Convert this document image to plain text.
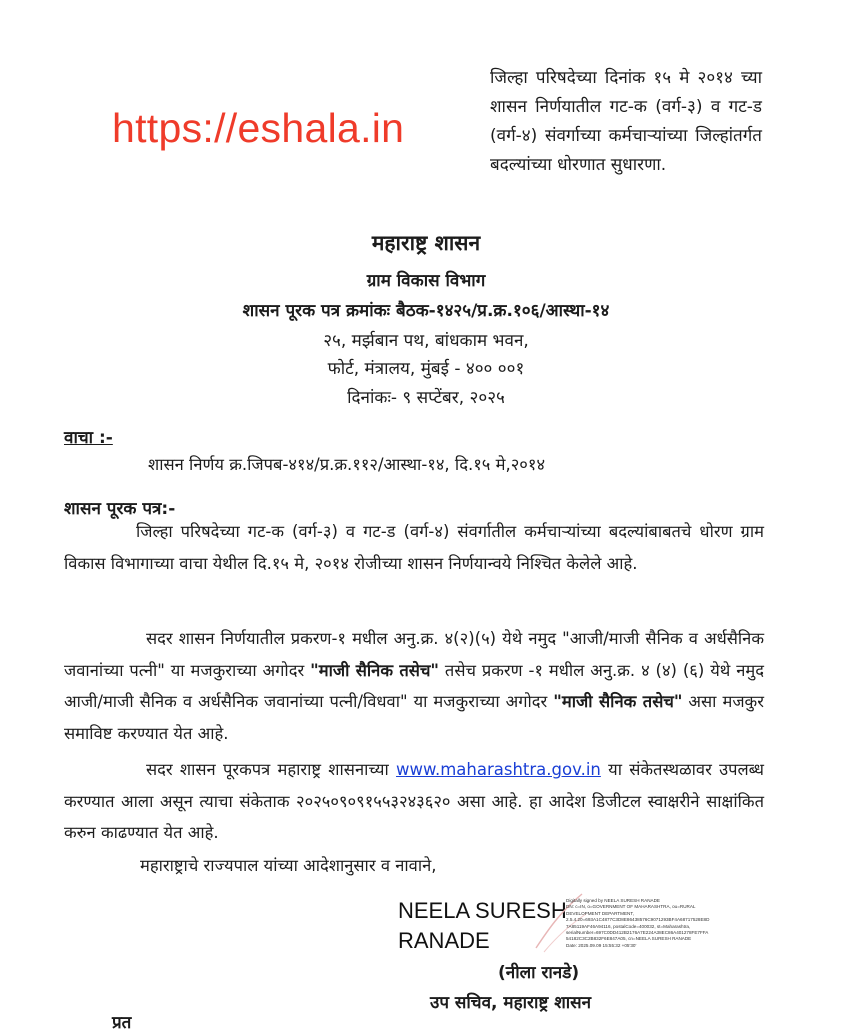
जिल्हा परिषदेच्या दिनांक १५ मे २०१४ च्या शासन निर्णयातील गट-क (वर्ग-३) व गट-ड (वर्ग-४) संवर्गाच्या कर्मचाऱ्यांच्या जिल्हांतर्गत बदल्यांच्या धोरणात सुधारणा.
https://eshala.in
महाराष्ट्र शासन
ग्राम विकास विभाग
शासन पूरक पत्र क्रमांकः बैठक-१४२५/प्र.क्र.१०६/आस्था-१४
२५, मर्झबान पथ, बांधकाम भवन,
फोर्ट, मंत्रालय, मुंबई - ४०० ००१
दिनांकः- ९ सप्टेंबर, २०२५
वाचा :-
शासन निर्णय क्र.जिपब-४१४/प्र.क्र.११२/आस्था-१४, दि.१५ मे,२०१४
शासन पूरक पत्र:-
जिल्हा परिषदेच्या गट-क (वर्ग-३) व गट-ड (वर्ग-४) संवर्गातील कर्मचाऱ्यांच्या बदल्यांबाबतचे धोरण ग्राम विकास विभागाच्या वाचा येथील दि.१५ मे, २०१४ रोजीच्या शासन निर्णयान्वये निश्चित केलेले आहे.
सदर शासन निर्णयातील प्रकरण-१ मधील अनु.क्र. ४(२)(५) येथे नमुद "आजी/माजी सैनिक व अर्धसैनिक जवानांच्या पत्नी" या मजकुराच्या अगोदर "माजी सैनिक तसेच" तसेच प्रकरण -१ मधील अनु.क्र. ४ (४) (६) येथे नमुद आजी/माजी सैनिक व अर्धसैनिक जवानांच्या पत्नी/विधवा" या मजकुराच्या अगोदर "माजी सैनिक तसेच" असा मजकुर समाविष्ट करण्यात येत आहे.
सदर शासन पूरकपत्र महाराष्ट्र शासनाच्या www.maharashtra.gov.in या संकेतस्थळावर उपलब्ध करण्यात आला असून त्याचा संकेताक २०२५०९०९१५५३२४३६२० असा आहे. हा आदेश डिजीटल स्वाक्षरीने साक्षांकित करुन काढण्यात येत आहे.
महाराष्ट्राचे राज्यपाल यांच्या आदेशानुसार व नावाने,
NEELA SURESH
RANADE
Digitally signed by NEELA SURESH RANADE
DN: c=IN, o=GOVERNMENT OF MAHARASHTRA, ou=RURAL
DEVELOPMENT DEPARTMENT,
2.5.4.20=693A1C4877C3D8E86438576C9071293BF4A68717528E8D
7A85119AF46A94116, postalCode=400032, st=Maharashtra,
serialNumber=697C0DD412B2176A7E224A38EC86A401278FE7FFA
54182C3C2B832F6E847A05, cn=NEELA SURESH RANADE
Date: 2025.09.09 15:55:32 +05'30'
(नीला रानडे)
उप सचिव, महाराष्ट्र शासन
प्रत
